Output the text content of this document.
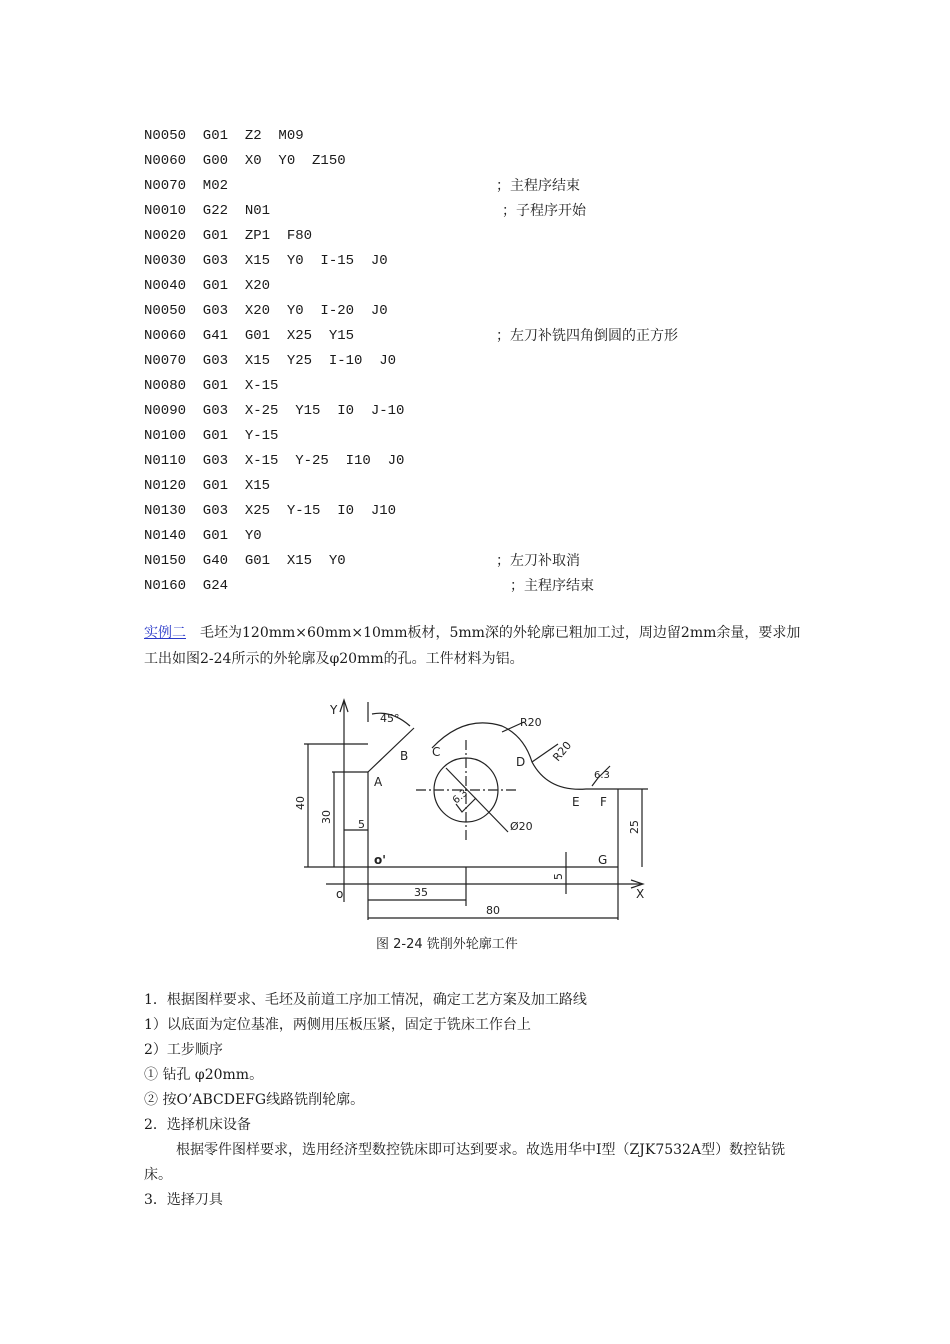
N0050  G01  Z2  M09
N0060  G00  X0  Y0  Z150
N0070  M02	；主程序结束
N0010  G22  N01	；子程序开始
N0020  G01  ZP1  F80
N0030  G03  X15  Y0  I-15  J0
N0040  G01  X20
N0050  G03  X20  Y0  I-20  J0
N0060  G41  G01  X25  Y15	；左刀补铣四角倒圆的正方形
N0070  G03  X15  Y25  I-10  J0
N0080  G01  X-15
N0090  G03  X-25  Y15  I0  J-10
N0100  G01  Y-15
N0110  G03  X-15  Y-25  I10  J0
N0120  G01  X15
N0130  G03  X25  Y-15  I0  J10
N0140  G01  Y0
N0150  G40  G01  X15  Y0	；左刀补取消
N0160  G24	；主程序结束
实例二 毛坯为120mm×60mm×10mm板材，5mm深的外轮廓已粗加工过，周边留2mm余量，要求加工出如图2-24所示的外轮廓及φ20mm的孔。工件材料为铝。
Y
X
o
o'
A
B C
D
E F
G
45°	R20
R20
6.3
6.3
Ø20
40
30
5
5
25
35
80
图 2-24 铣削外轮廓工件
1．根据图样要求、毛坯及前道工序加工情况，确定工艺方案及加工路线
1）以底面为定位基准，两侧用压板压紧，固定于铣床工作台上
2）工步顺序
① 钻孔 φ20mm。
② 按O’ABCDEFG线路铣削轮廓。
2．选择机床设备
根据零件图样要求，选用经济型数控铣床即可达到要求。故选用华中Ⅰ型（ZJK7532A型）数控钻铣床。
3．选择刀具
